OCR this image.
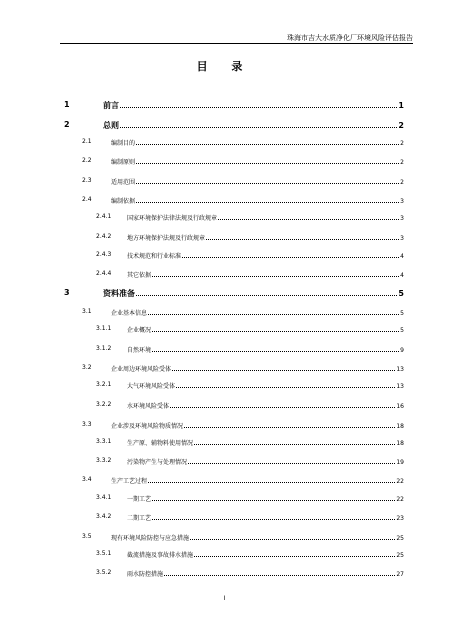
珠海市吉大水质净化厂环境风险评估报告
目 录
1	前言	1
2	总则	2
2.1	编制目的	2
2.2	编制原则	2
2.3	适用范围	2
2.4	编制依据	3
2.4.1	国家环境保护法律法规及行政规章	3
2.4.2	地方环境保护法规及行政规章	3
2.4.3	技术规范和行业标准	4
2.4.4	其它依据	4
3	资料准备	5
3.1	企业基本信息	5
3.1.1	企业概况	5
3.1.2	自然环境	9
3.2	企业周边环境风险受体	13
3.2.1	大气环境风险受体	13
3.2.2	水环境风险受体	16
3.3	企业涉及环境风险物质情况	18
3.3.1	生产原、辅物料使用情况	18
3.3.2	污染物产生与处理情况	19
3.4	生产工艺过程	22
3.4.1	一期工艺	22
3.4.2	二期工艺	23
3.5	现有环境风险防控与应急措施	25
3.5.1	截流措施及事故排水措施	25
3.5.2	雨水防控措施	27
I
